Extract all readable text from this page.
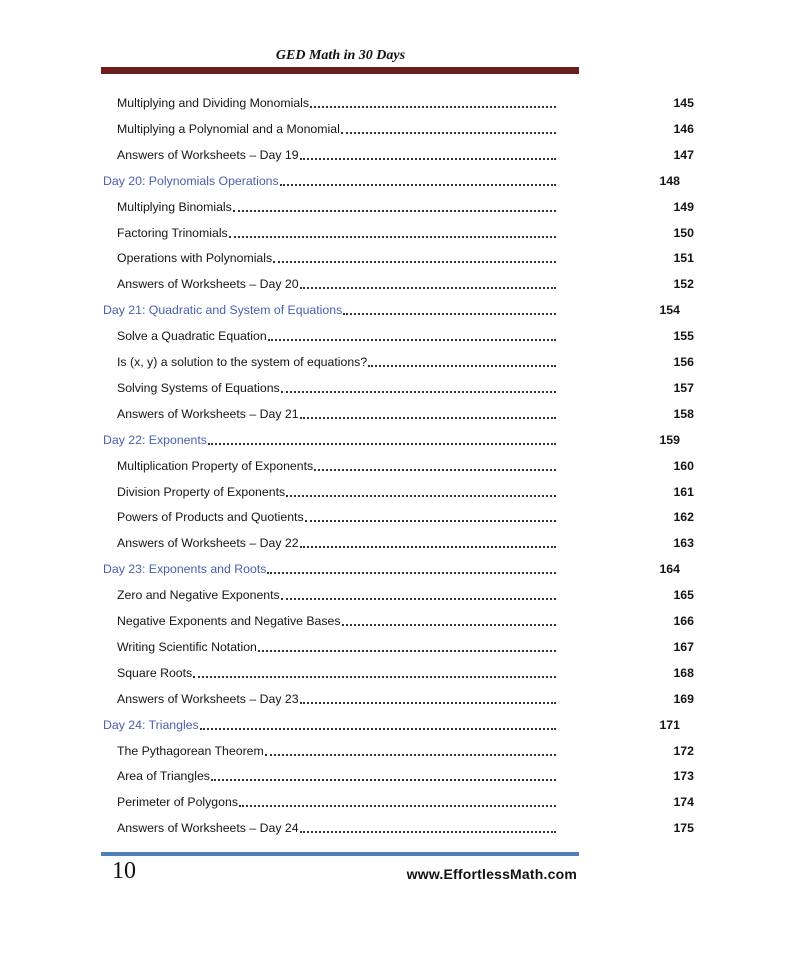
GED Math in 30 Days
Multiplying and Dividing Monomials	145
Multiplying a Polynomial and a Monomial	146
Answers of Worksheets – Day 19	147
Day 20: Polynomials Operations	148
Multiplying Binomials	149
Factoring Trinomials	150
Operations with Polynomials	151
Answers of Worksheets – Day 20	152
Day 21: Quadratic and System of Equations	154
Solve a Quadratic Equation	155
Is (x, y) a solution to the system of equations?	156
Solving Systems of Equations	157
Answers of Worksheets – Day 21	158
Day 22: Exponents	159
Multiplication Property of Exponents	160
Division Property of Exponents	161
Powers of Products and Quotients	162
Answers of Worksheets – Day 22	163
Day 23: Exponents and Roots	164
Zero and Negative Exponents	165
Negative Exponents and Negative Bases	166
Writing Scientific Notation	167
Square Roots	168
Answers of Worksheets – Day 23	169
Day 24: Triangles	171
The Pythagorean Theorem	172
Area of Triangles	173
Perimeter of Polygons	174
Answers of Worksheets – Day 24	175
10	www.EffortlessMath.com
